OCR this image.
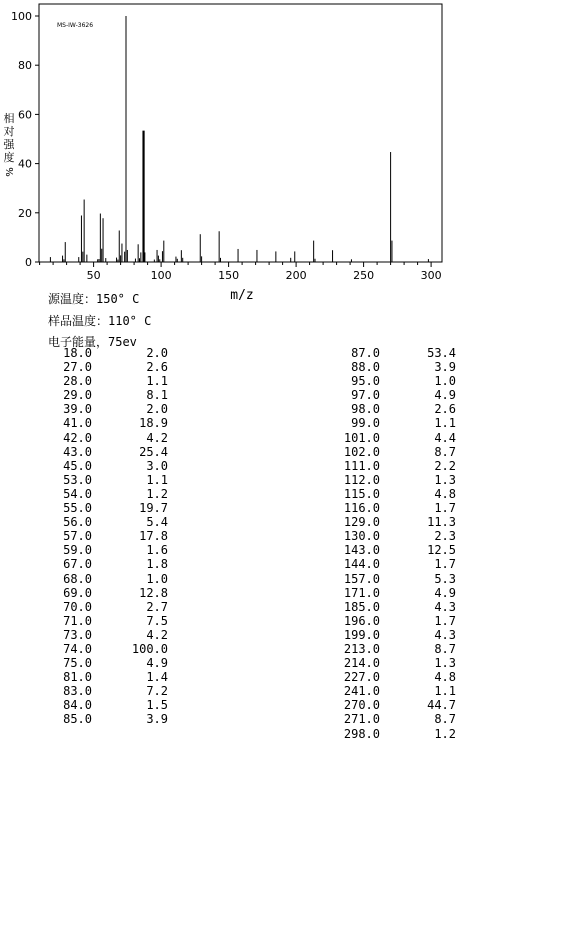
MS-IW-3626
0
20
40
60
80
100
50	100	150	200	250	300
相
对
强
度
%
m/z
源温度：150° C
样品温度：110° C
电子能量，75ev
18.0	2.0
27.0	2.6
28.0	1.1
29.0	8.1
39.0	2.0
41.0	18.9
42.0	4.2
43.0	25.4
45.0	3.0
53.0	1.1
54.0	1.2
55.0	19.7
56.0	5.4
57.0	17.8
59.0	1.6
67.0	1.8
68.0	1.0
69.0	12.8
70.0	2.7
71.0	7.5
73.0	4.2
74.0	100.0
75.0	4.9
81.0	1.4
83.0	7.2
84.0	1.5
85.0	3.9
87.0	53.4
88.0	3.9
95.0	1.0
97.0	4.9
98.0	2.6
99.0	1.1
101.0	4.4
102.0	8.7
111.0	2.2
112.0	1.3
115.0	4.8
116.0	1.7
129.0	11.3
130.0	2.3
143.0	12.5
144.0	1.7
157.0	5.3
171.0	4.9
185.0	4.3
196.0	1.7
199.0	4.3
213.0	8.7
214.0	1.3
227.0	4.8
241.0	1.1
270.0	44.7
271.0	8.7
298.0	1.2
